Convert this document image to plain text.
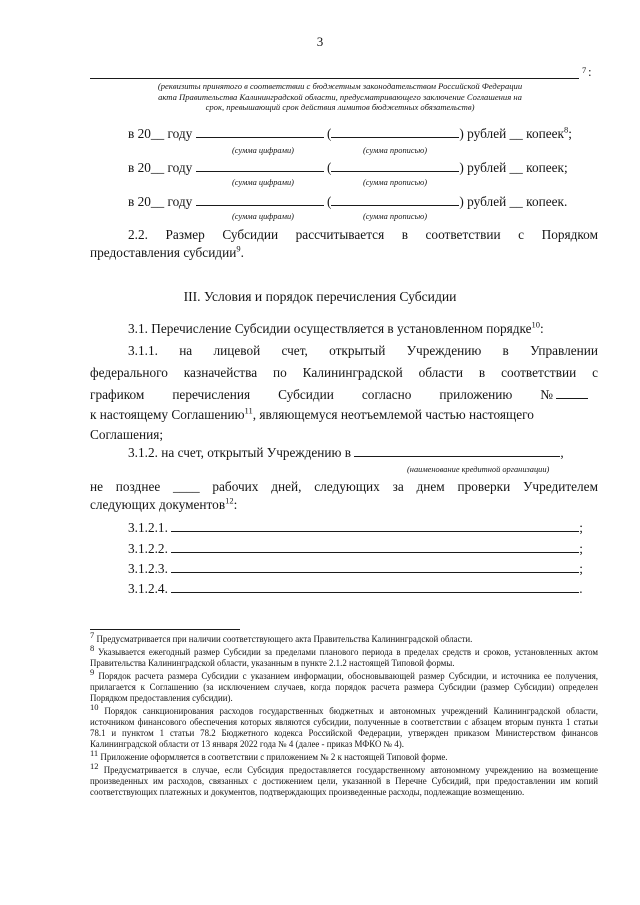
3
7 :
(реквизиты принятого в соответствии с бюджетным законодательством Российской Федерации
акта Правительства Калининградской области, предусматривающего заключение Соглашения на
срок, превышающий срок действия лимитов бюджетных обязательств)
в 20__ году	(	) рублей __ копеек$^8$;
(сумма цифрами)	(сумма прописью)
в 20__ году	(	) рублей __ копеек;
(сумма цифрами)	(сумма прописью)
в 20__ году	(	) рублей __ копеек.
(сумма цифрами)	(сумма прописью)
2.2. Размер Субсидии рассчитывается в соответствии с Порядком
предоставления субсидии$^9$.
III. Условия и порядок перечисления Субсидии
3.1. Перечисление Субсидии осуществляется в установленном порядке$^{10}$:
3.1.1. на лицевой счет, открытый Учреждению в Управлении
федерального казначейства по Калининградской области в соответствии с
графиком перечисления Субсидии согласно приложению №
к настоящему Соглашению$^{11}$, являющемуся неотъемлемой частью настоящего
Соглашения;
3.1.2. на счет, открытый Учреждению в	,
(наименование кредитной организации)
не позднее ____ рабочих дней, следующих за днем проверки Учредителем
следующих документов$^{12}$:
3.1.2.1.	;
3.1.2.2.	;
3.1.2.3.	;
3.1.2.4.	.
$^7$ Предусматривается при наличии соответствующего акта Правительства Калининградской области.
$^8$ Указывается ежегодный размер Субсидии за пределами планового периода в пределах средств и сроков, установленных актом Правительства Калининградской области, указанным в пункте 2.1.2 настоящей Типовой формы.
$^9$ Порядок расчета размера Субсидии с указанием информации, обосновывающей размер Субсидии, и источника ее получения, прилагается к Соглашению (за исключением случаев, когда порядок расчета размера Субсидии (размер Субсидии) определен Порядком предоставления субсидии).
$^{10}$ Порядок санкционирования расходов государственных бюджетных и автономных учреждений Калининградской области, источником финансового обеспечения которых являются субсидии, полученные в соответствии с абзацем вторым пункта 1 статьи 78.1 и пунктом 1 статьи 78.2 Бюджетного кодекса Российской Федерации, утвержден приказом Министерством финансов Калининградской области от 13 января 2022 года № 4 (далее - приказ МФКО № 4).
$^{11}$ Приложение оформляется в соответствии с приложением № 2 к настоящей Типовой форме.
$^{12}$ Предусматривается в случае, если Субсидия предоставляется государственному автономному учреждению на возмещение произведенных им расходов, связанных с достижением цели, указанной в Перечне Субсидий, при предоставлении им копий соответствующих платежных и документов, подтверждающих произведенные расходы, подлежащие возмещению.
